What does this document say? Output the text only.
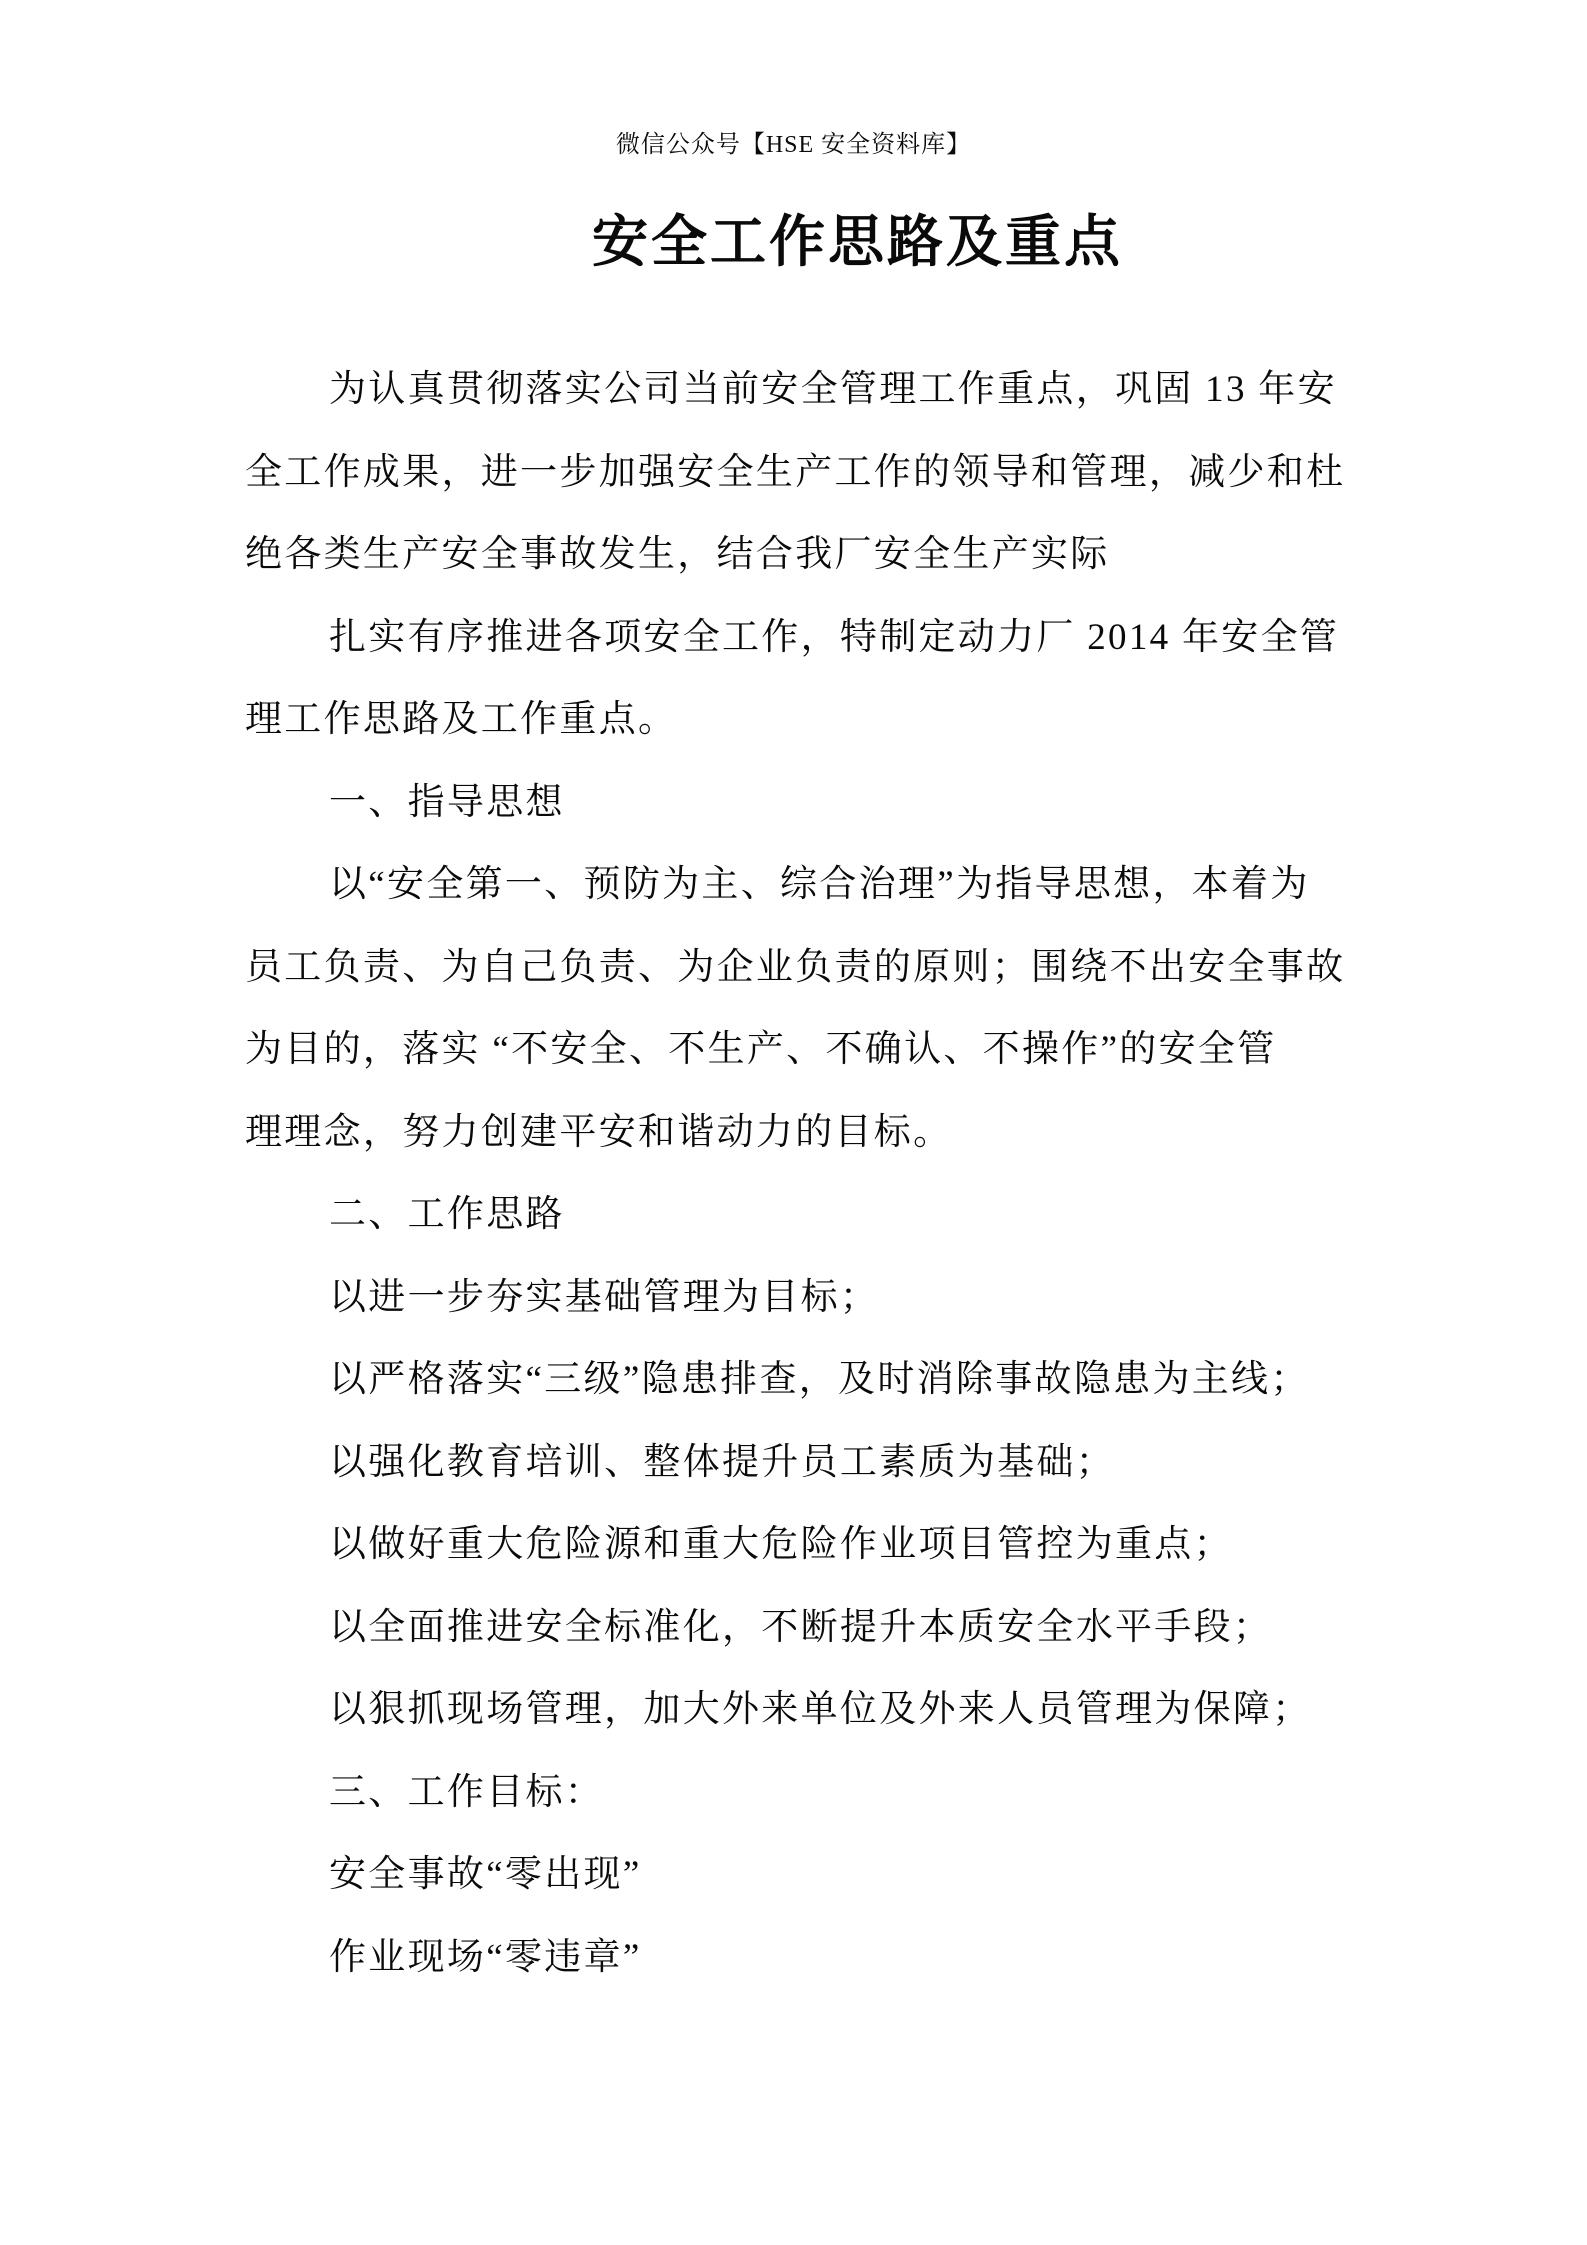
微信公众号【HSE 安全资料库】
安全工作思路及重点
为认真贯彻落实公司当前安全管理工作重点，巩固 13 年安
全工作成果，进一步加强安全生产工作的领导和管理，减少和杜
绝各类生产安全事故发生，结合我厂安全生产实际
扎实有序推进各项安全工作，特制定动力厂 2014 年安全管
理工作思路及工作重点。
一、指导思想
以“安全第一、预防为主、综合治理”为指导思想，本着为
员工负责、为自己负责、为企业负责的原则；围绕不出安全事故
为目的，落实 “不安全、不生产、不确认、不操作”的安全管
理理念，努力创建平安和谐动力的目标。
二、工作思路
以进一步夯实基础管理为目标；
以严格落实“三级”隐患排查，及时消除事故隐患为主线；
以强化教育培训、整体提升员工素质为基础；
以做好重大危险源和重大危险作业项目管控为重点；
以全面推进安全标准化，不断提升本质安全水平手段；
以狠抓现场管理，加大外来单位及外来人员管理为保障；
三、工作目标：
安全事故“零出现”
作业现场“零违章”
